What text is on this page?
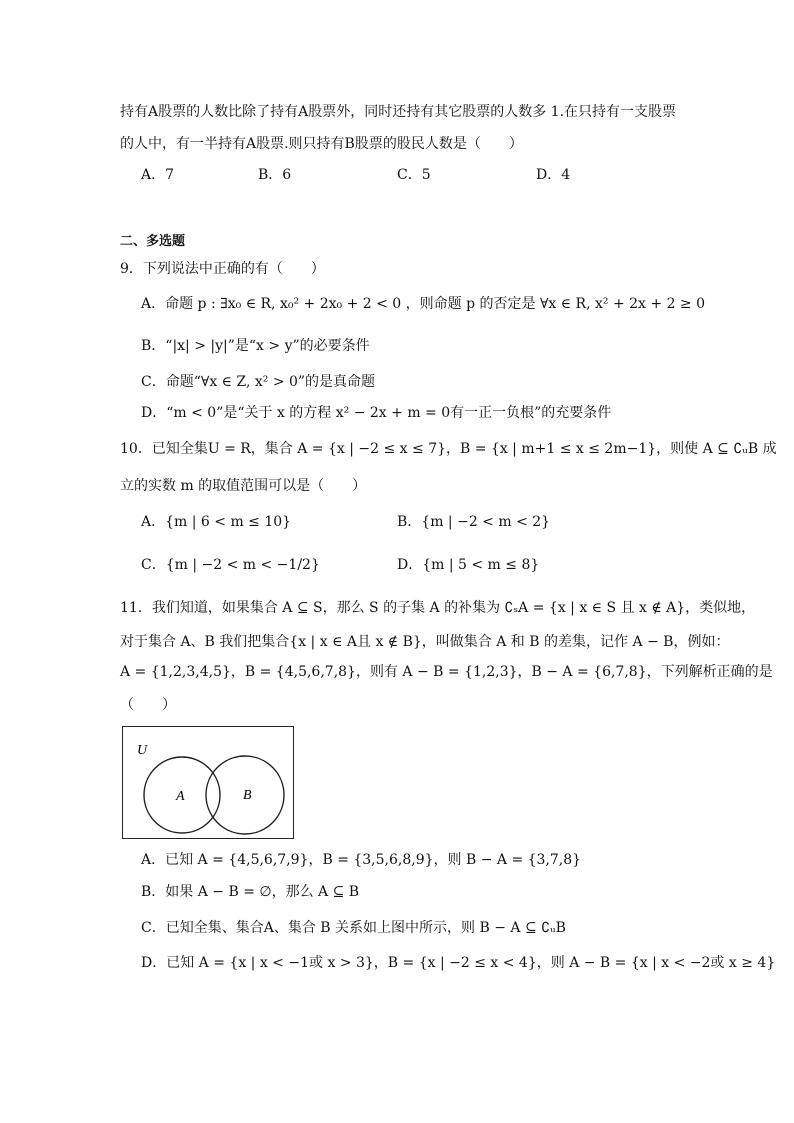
持有A股票的人数比除了持有A股票外，同时还持有其它股票的人数多 1.在只持有一支股票
的人中，有一半持有A股票.则只持有B股票的股民人数是（　　）
A．7	B．6	C．5	D．4
二、多选题
9．下列说法中正确的有（　　）
A．命题 p : ∃x₀ ∈ R, x₀² + 2x₀ + 2 < 0 ，则命题 p 的否定是 ∀x ∈ R, x² + 2x + 2 ≥ 0
B．“|x| > |y|”是“x > y”的必要条件
C．命题“∀x ∈ Z, x² > 0”的是真命题
D．“m < 0”是“关于 x 的方程 x² − 2x + m = 0有一正一负根”的充要条件
10．已知全集U = R，集合 A = {x | −2 ≤ x ≤ 7}，B = {x | m+1 ≤ x ≤ 2m−1}，则使 A ⊆ ∁ᵤB 成
立的实数 m 的取值范围可以是（　　）
A．{m | 6 < m ≤ 10}	B．{m | −2 < m < 2}
C．{m | −2 < m < −1/2}	D．{m | 5 < m ≤ 8}
11．我们知道，如果集合 A ⊆ S，那么 S 的子集 A 的补集为 ∁ₛA = {x | x ∈ S 且 x ∉ A}，类似地，
对于集合 A、B 我们把集合{x | x ∈ A且 x ∉ B}，叫做集合 A 和 B 的差集，记作 A − B，例如：
A = {1,2,3,4,5}，B = {4,5,6,7,8}，则有 A − B = {1,2,3}，B − A = {6,7,8}，下列解析正确的是
（　　）
U
A	B
A．已知 A = {4,5,6,7,9}，B = {3,5,6,8,9}，则 B − A = {3,7,8}
B．如果 A − B = ∅，那么 A ⊆ B
C．已知全集、集合A、集合 B 关系如上图中所示，则 B − A ⊆ ∁ᵤB
D．已知 A = {x | x < −1或 x > 3}，B = {x | −2 ≤ x < 4}，则 A − B = {x | x < −2或 x ≥ 4}
